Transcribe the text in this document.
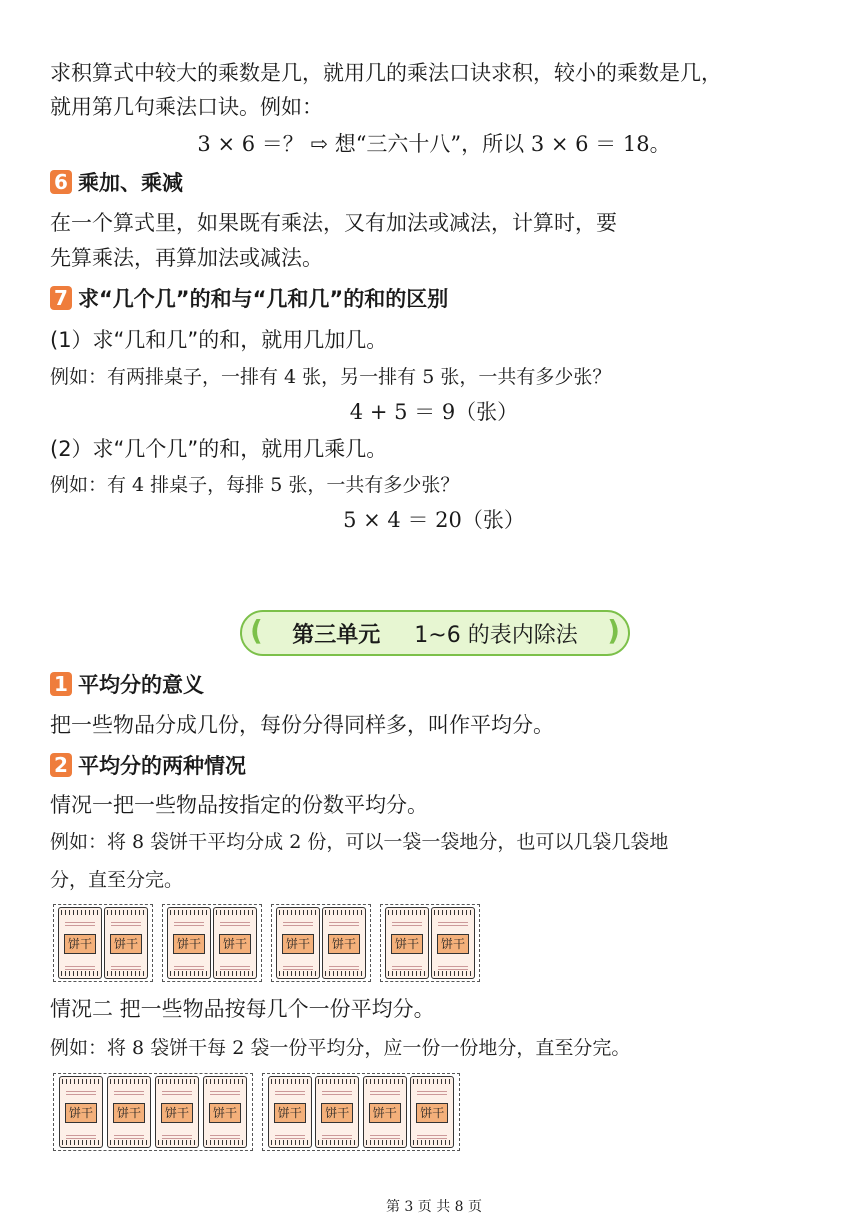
求积算式中较大的乘数是几，就用几的乘法口诀求积，较小的乘数是几，
就用第几句乘法口诀。例如：
3 × 6 ＝？ ⇨ 想“三六十八”，所以 3 × 6 ＝ 18。
6 乘加、乘减
在一个算式里，如果既有乘法，又有加法或减法，计算时，要
先算乘法，再算加法或减法。
7 求“几个几”的和与“几和几”的和的区别
(1）求“几和几”的和，就用几加几。
例如：有两排桌子，一排有 4 张，另一排有 5 张，一共有多少张？
4 + 5 ＝ 9（张）
(2）求“几个几”的和，就用几乘几。
例如：有 4 排桌子，每排 5 张，一共有多少张？
5 × 4 ＝ 20（张）
( 第三单元 1~6 的表内除法 )
1 平均分的意义
把一些物品分成几份，每份分得同样多，叫作平均分。
2 平均分的两种情况
情况一把一些物品按指定的份数平均分。
例如：将 8 袋饼干平均分成 2 份，可以一袋一袋地分，也可以几袋几袋地
分，直至分完。
饼干	饼干	饼干	饼干	饼干	饼干	饼干	饼干
情况二 把一些物品按每几个一份平均分。
例如：将 8 袋饼干每 2 袋一份平均分，应一份一份地分，直至分完。
饼干	饼干	饼干	饼干	饼干	饼干	饼干	饼干
第 3 页 共 8 页
